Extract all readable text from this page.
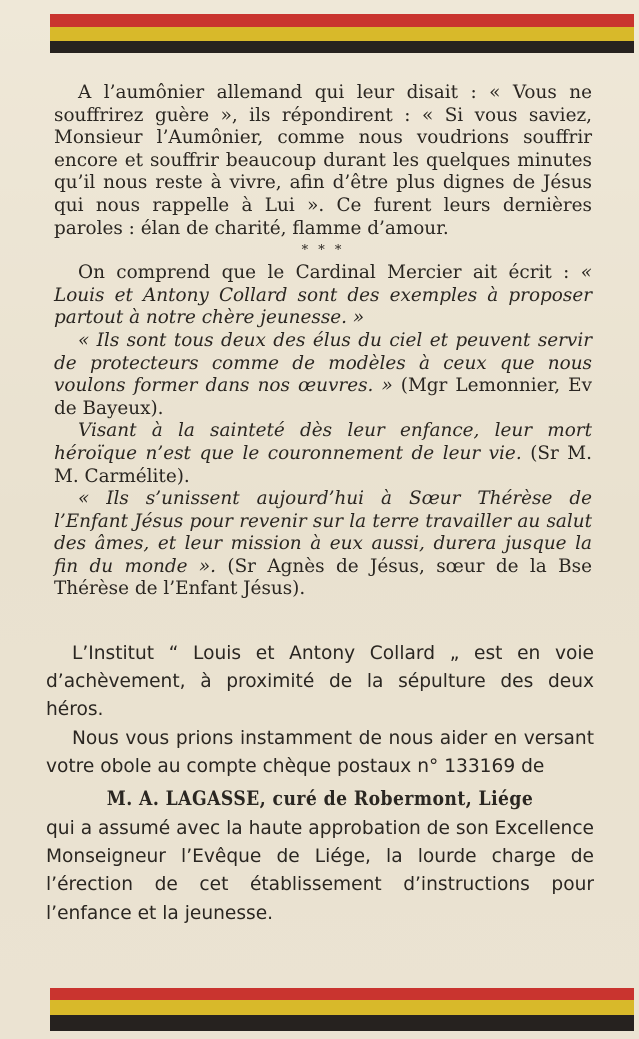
A l’aumônier allemand qui leur disait : « Vous ne souffrirez guère », ils répondirent : « Si vous saviez, Monsieur l’Aumônier, comme nous voudrions souffrir encore et souffrir beaucoup durant les quelques minutes qu’il nous reste à vivre, afin d’être plus dignes de Jésus qui nous rappelle à Lui ». Ce furent leurs dernières paroles : élan de charité, flamme d’amour.

* * *

On comprend que le Cardinal Mercier ait écrit : « Louis et Antony Collard sont des exemples à proposer partout à notre chère jeunesse. »

« Ils sont tous deux des élus du ciel et peuvent servir de protecteurs comme de modèles à ceux que nous voulons former dans nos œuvres. » (Mgr Lemonnier, Ev de Bayeux).

Visant à la sainteté dès leur enfance, leur mort héroïque n’est que le couronnement de leur vie. (Sr M. M. Carmélite).

« Ils s’unissent aujourd’hui à Sœur Thérèse de l’Enfant Jésus pour revenir sur la terre travailler au salut des âmes, et leur mission à eux aussi, durera jusque la fin du monde ». (Sr Agnès de Jésus, sœur de la Bse Thérèse de l’Enfant Jésus).

L’Institut “ Louis et Antony Collard „ est en voie d’achèvement, à proximité de la sépulture des deux héros.

Nous vous prions instamment de nous aider en versant votre obole au compte chèque postaux n° 133169 de

M. A. LAGASSE, curé de Robermont, Liége

qui a assumé avec la haute approbation de son Excellence Monseigneur l’Evêque de Liége, la lourde charge de l’érection de cet établissement d’instructions pour l’enfance et la jeunesse.
